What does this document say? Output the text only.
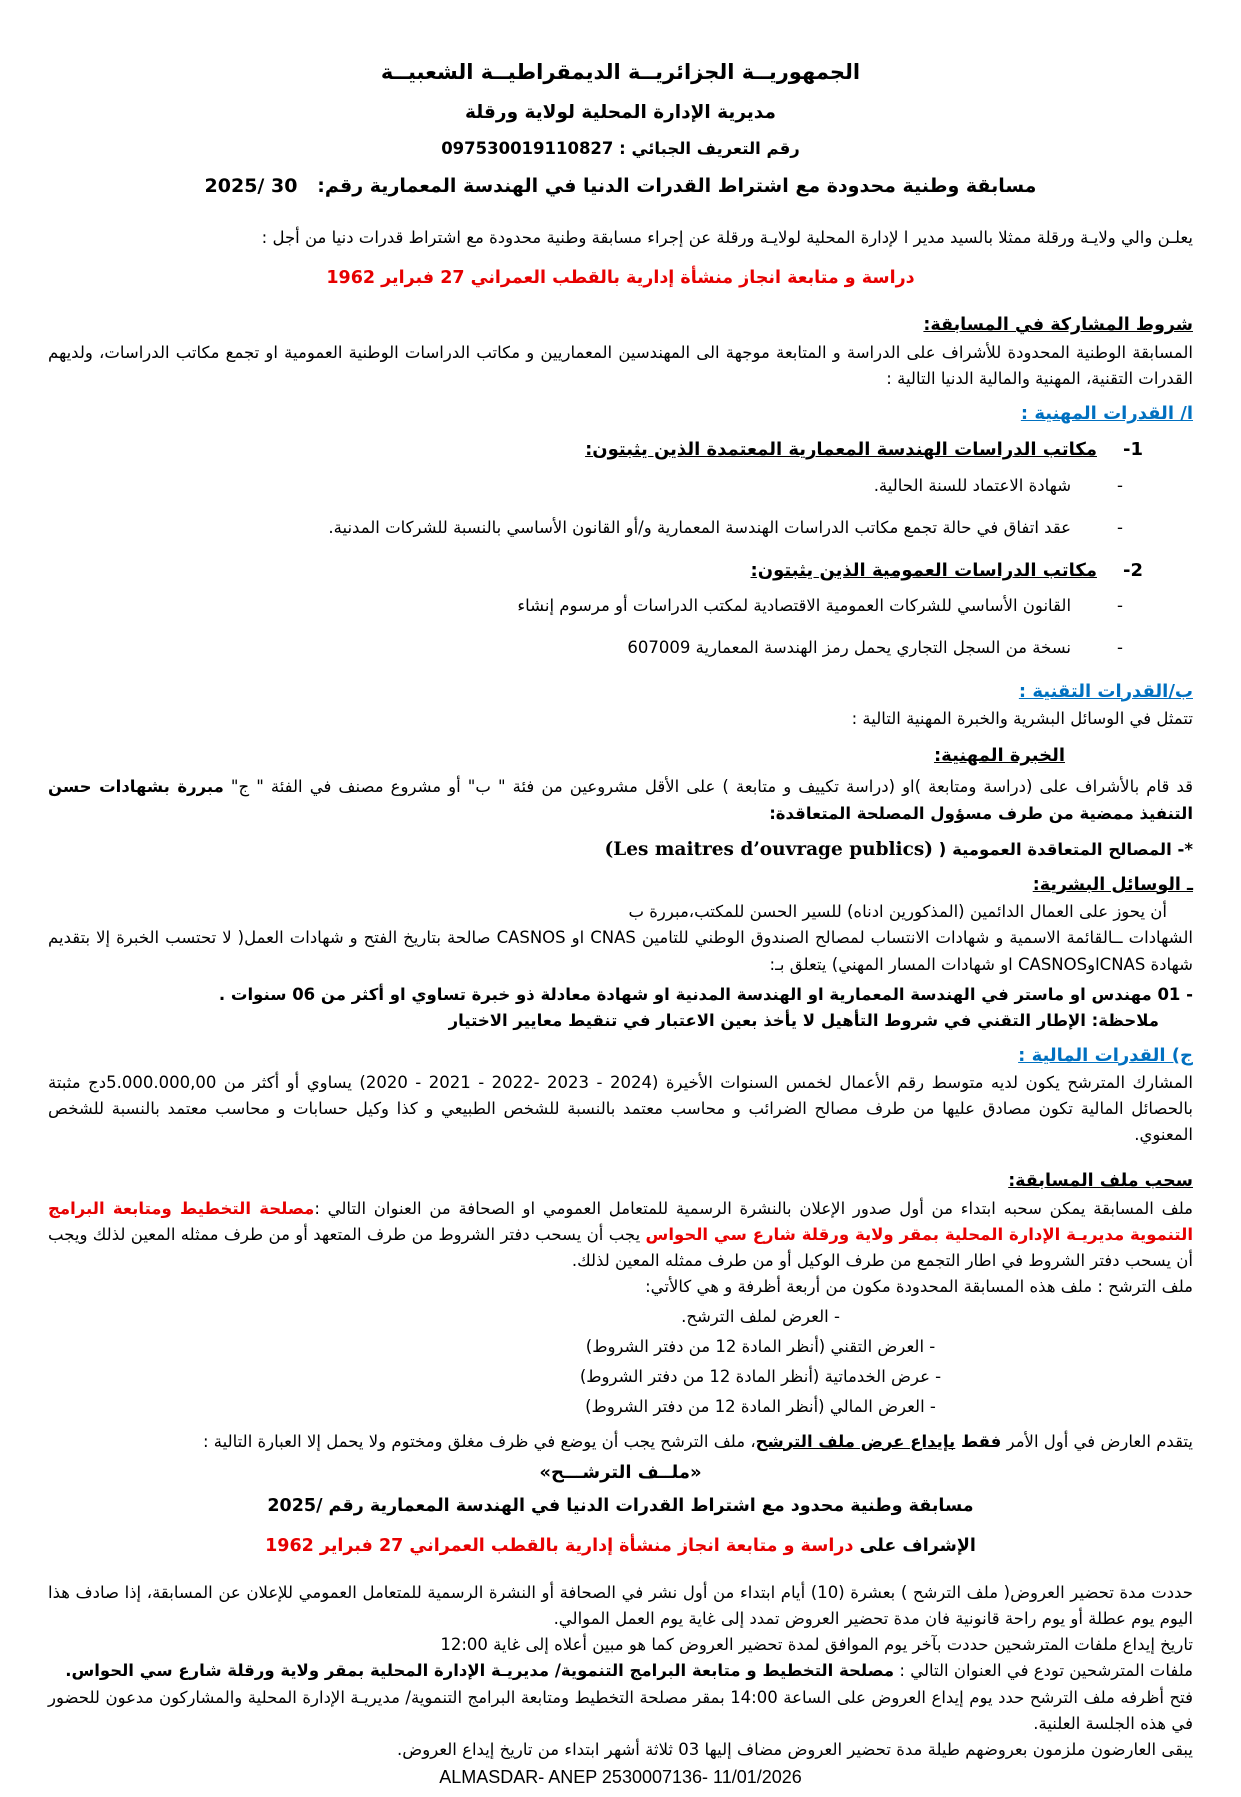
الجمهوريــة الجزائريــة الديمقراطيــة الشعبيــة
مديرية الإدارة المحلية لولاية ورقلة
رقم التعريف الجبائي : 097530019110827
مسابقة وطنية محدودة مع اشتراط القدرات الدنيا في الهندسة المعمارية رقم:   30 /2025
يعلـن والي ولايـة ورقلة ممثلا بالسيد مدير ا لإدارة المحلية لولايـة ورقلة عن إجراء مسابقة وطنية محدودة مع اشتراط قدرات دنيا من أجل :
دراسة و متابعة انجاز منشأة إدارية بالقطب العمراني 27 فبراير 1962
شروط المشاركة في المسابقة:
المسابقة الوطنية المحدودة للأشراف على الدراسة و المتابعة موجهة الى المهندسين المعماريين و مكاتب الدراسات الوطنية العمومية او تجمع مكاتب الدراسات، ولديهم القدرات التقنية، المهنية والمالية الدنيا التالية :
ا/ القدرات المهنية :
1-
مكاتب الدراسات الهندسة المعمارية المعتمدة الذين يثبتون:
-
شهادة الاعتماد للسنة الحالية.
-
عقد اتفاق في حالة تجمع مكاتب الدراسات الهندسة المعمارية و/أو القانون الأساسي بالنسبة للشركات المدنية.
2-
مكاتب الدراسات العمومية الذين يثبتون:
-
القانون الأساسي للشركات العمومية الاقتصادية لمكتب الدراسات أو مرسوم إنشاء
-
نسخة من السجل التجاري يحمل رمز الهندسة المعمارية 607009
ب/القدرات التقنية :
تتمثل في الوسائل البشرية والخبرة المهنية التالية :
الخبرة المهنية:
قد قام بالأشراف على (دراسة ومتابعة )او (دراسة تكييف و متابعة ) على الأقل مشروعين من فئة " ب" أو مشروع مصنف في الفئة " ج" مبررة بشهادات حسن التنفيذ ممضية من طرف مسؤول المصلحة المتعاقدة:
*- المصالح المتعاقدة العمومية ( (Les maitres d’ouvrage publics)
ـ الوسائل البشرية:
أن يحوز على العمال الدائمين (المذكورين ادناه) للسير الحسن للمكتب،مبررة ب
الشهادات ــالقائمة الاسمية و شهادات الانتساب لمصالح الصندوق الوطني للتامين CNAS او CASNOS صالحة بتاريخ الفتح و شهادات العمل( لا تحتسب الخبرة إلا بتقديم شهادة CNASاوCASNOS او شهادات المسار المهني) يتعلق بـ:
- 01 مهندس او ماستر في الهندسة المعمارية او الهندسة المدنية او شهادة معادلة ذو خبرة تساوي او أكثر من 06 سنوات .
ملاحظة: الإطار التقني في شروط التأهيل لا يأخذ بعين الاعتبار في تنقيط معايير الاختيار
ج) القدرات المالية :
المشارك المترشح يكون لديه متوسط رقم الأعمال لخمس السنوات الأخيرة (2020 - 2021 - 2022- 2023 - 2024) يساوي أو أكثر من 5.000.000,00دج مثبتة بالحصائل المالية تكون مصادق عليها من طرف مصالح الضرائب و محاسب معتمد بالنسبة للشخص الطبيعي و كذا وكيل حسابات و محاسب معتمد بالنسبة للشخص المعنوي.
سحب ملف المسابقة:
ملف المسابقة يمكن سحبه ابتداء من أول صدور الإعلان بالنشرة الرسمية للمتعامل العمومي او الصحافة من العنوان التالي :مصلحة التخطيط ومتابعة البرامج التنموية مديريـة الإدارة المحلية بمقر ولاية ورقلة شارع سي الحواس يجب أن يسحب دفتر الشروط من طرف المتعهد أو من طرف ممثله المعين لذلك ويجب أن يسحب دفتر الشروط في اطار التجمع من طرف الوكيل أو من طرف ممثله المعين لذلك.
ملف الترشح : ملف هذه المسابقة المحدودة مكون من أربعة أظرفة و هي كالأتي:
- العرض لملف الترشح.
- العرض التقني (أنظر المادة 12 من دفتر الشروط)
- عرض الخدماتية (أنظر المادة 12 من دفتر الشروط)
- العرض المالي (أنظر المادة 12 من دفتر الشروط)
يتقدم العارض في أول الأمر فقط بإيداع عرض ملف الترشح، ملف الترشح يجب أن يوضع في ظرف مغلق ومختوم ولا يحمل إلا العبارة التالية :
«ملــف الترشـــح»
مسابقة وطنية محدود مع اشتراط القدرات الدنيا في الهندسة المعمارية رقم /2025
الإشراف على دراسة و متابعة انجاز منشأة إدارية بالقطب العمراني 27 فبراير 1962
حددت مدة تحضير العروض( ملف الترشح ) بعشرة (10) أيام ابتداء من أول نشر في الصحافة أو النشرة الرسمية للمتعامل العمومي للإعلان عن المسابقة، إذا صادف هذا اليوم يوم عطلة أو يوم راحة قانونية فان مدة تحضير العروض تمدد إلى غاية يوم العمل الموالي.
تاريخ إيداع ملفات المترشحين حددت بآخر يوم الموافق لمدة تحضير العروض كما هو مبين أعلاه إلى غاية 12:00
ملفات المترشحين تودع في العنوان التالي : مصلحة التخطيط و متابعة البرامج التنموية/ مديريـة الإدارة المحلية بمقر ولاية ورقلة شارع سي الحواس.
فتح أظرفه ملف الترشح حدد يوم إيداع العروض على الساعة 14:00 بمقر مصلحة التخطيط ومتابعة البرامج التنموية/ مديريـة الإدارة المحلية والمشاركون مدعون للحضور في هذه الجلسة العلنية.
يبقى العارضون ملزمون بعروضهم طيلة مدة تحضير العروض مضاف إليها 03 ثلاثة أشهر ابتداء من تاريخ إيداع العروض.
ALMASDAR- ANEP 2530007136- 11/01/2026
